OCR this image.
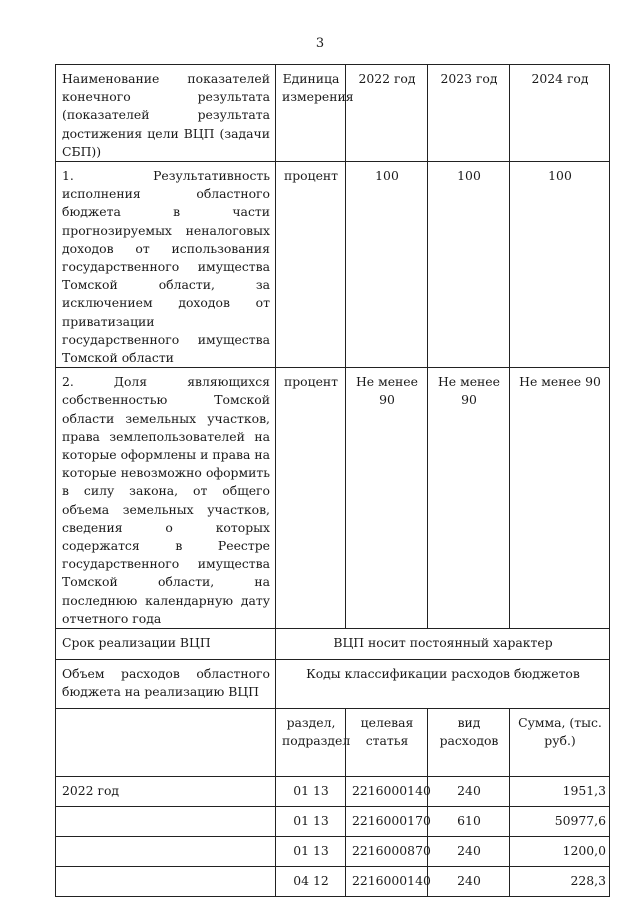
3
Наименование показателей конечного результата (показателей результата достижения цели ВЦП (задачи СБП))	Единица измерения	2022 год	2023 год	2024 год
1. Результативность исполнения областного бюджета в части прогнозируемых неналоговых доходов от использования государственного имущества Томской области, за исключением доходов от приватизации государственного имущества Томской области	процент	100	100	100
2. Доля являющихся собственностью Томской области земельных участков, права землепользователей на которые оформлены и права на которые невозможно оформить в силу закона, от общего объема земельных участков, сведения о которых содержатся в Реестре государственного имущества Томской области, на последнюю календарную дату отчетного года	процент	Не менее 90	Не менее 90	Не менее 90
Срок реализации ВЦП	ВЦП носит постоянный характер			
Объем расходов областного бюджета на реализацию ВЦП	Коды классификации расходов бюджетов			
	раздел, подраздел	целевая статья	вид расходов	Сумма, (тыс. руб.)
2022 год	01 13	2216000140	240	1951,3
	01 13	2216000170	610	50977,6
	01 13	2216000870	240	1200,0
	04 12	2216000140	240	228,3
